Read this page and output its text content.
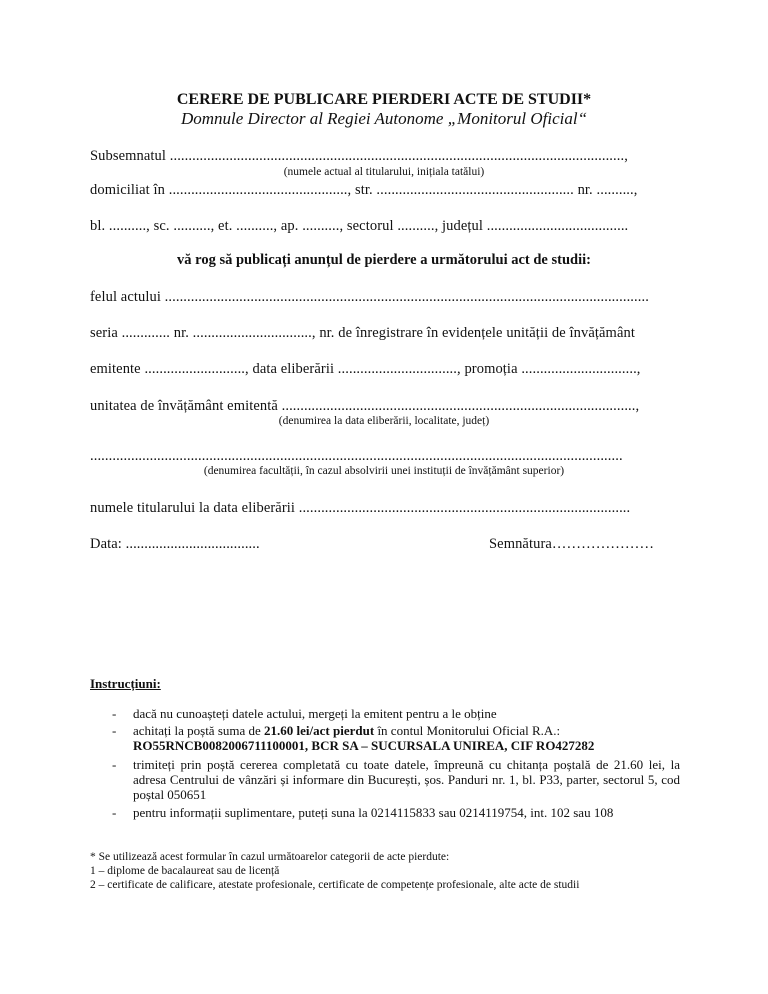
CERERE DE PUBLICARE PIERDERI ACTE DE STUDII*
Domnule Director al Regiei Autonome „Monitorul Oficial“
Subsemnatul ..........................................................................................................................,
(numele actual al titularului, inițiala tatălui)
domiciliat în ................................................, str. ..................................................... nr. ..........,
bl. .........., sc. .........., et. .........., ap. .........., sectorul .........., județul ......................................
vă rog să publicați anunțul de pierdere a următorului act de studii:
felul actului ..................................................................................................................................
seria ............. nr. ................................, nr. de înregistrare în evidențele unității de învățământ
emitente ..........................., data eliberării ................................, promoția ...............................,
unitatea de învățământ emitentă ...............................................................................................,
(denumirea la data eliberării, localitate, județ)
...............................................................................................................................................
(denumirea facultății, în cazul absolvirii unei instituții de învățământ superior)
numele titularului la data eliberării .........................................................................................
Data: ....................................	Semnătura…………………
Instrucțiuni:
- dacă nu cunoașteți datele actului, mergeți la emitent pentru a le obține
- achitați la poștă suma de 21.60 lei/act pierdut în contul Monitorului Oficial R.A.:
RO55RNCB0082006711100001, BCR SA – SUCURSALA UNIREA, CIF RO427282
- trimiteți prin poștă cererea completată cu toate datele, împreună cu chitanța poștală de 21.60 lei, la adresa Centrului de vânzări și informare din București, șos. Panduri nr. 1, bl. P33, parter, sectorul 5, cod poștal 050651
- pentru informații suplimentare, puteți suna la 0214115833 sau 0214119754, int. 102 sau 108
* Se utilizează acest formular în cazul următoarelor categorii de acte pierdute:
1 – diplome de bacalaureat sau de licență
2 – certificate de calificare, atestate profesionale, certificate de competențe profesionale, alte acte de studii
